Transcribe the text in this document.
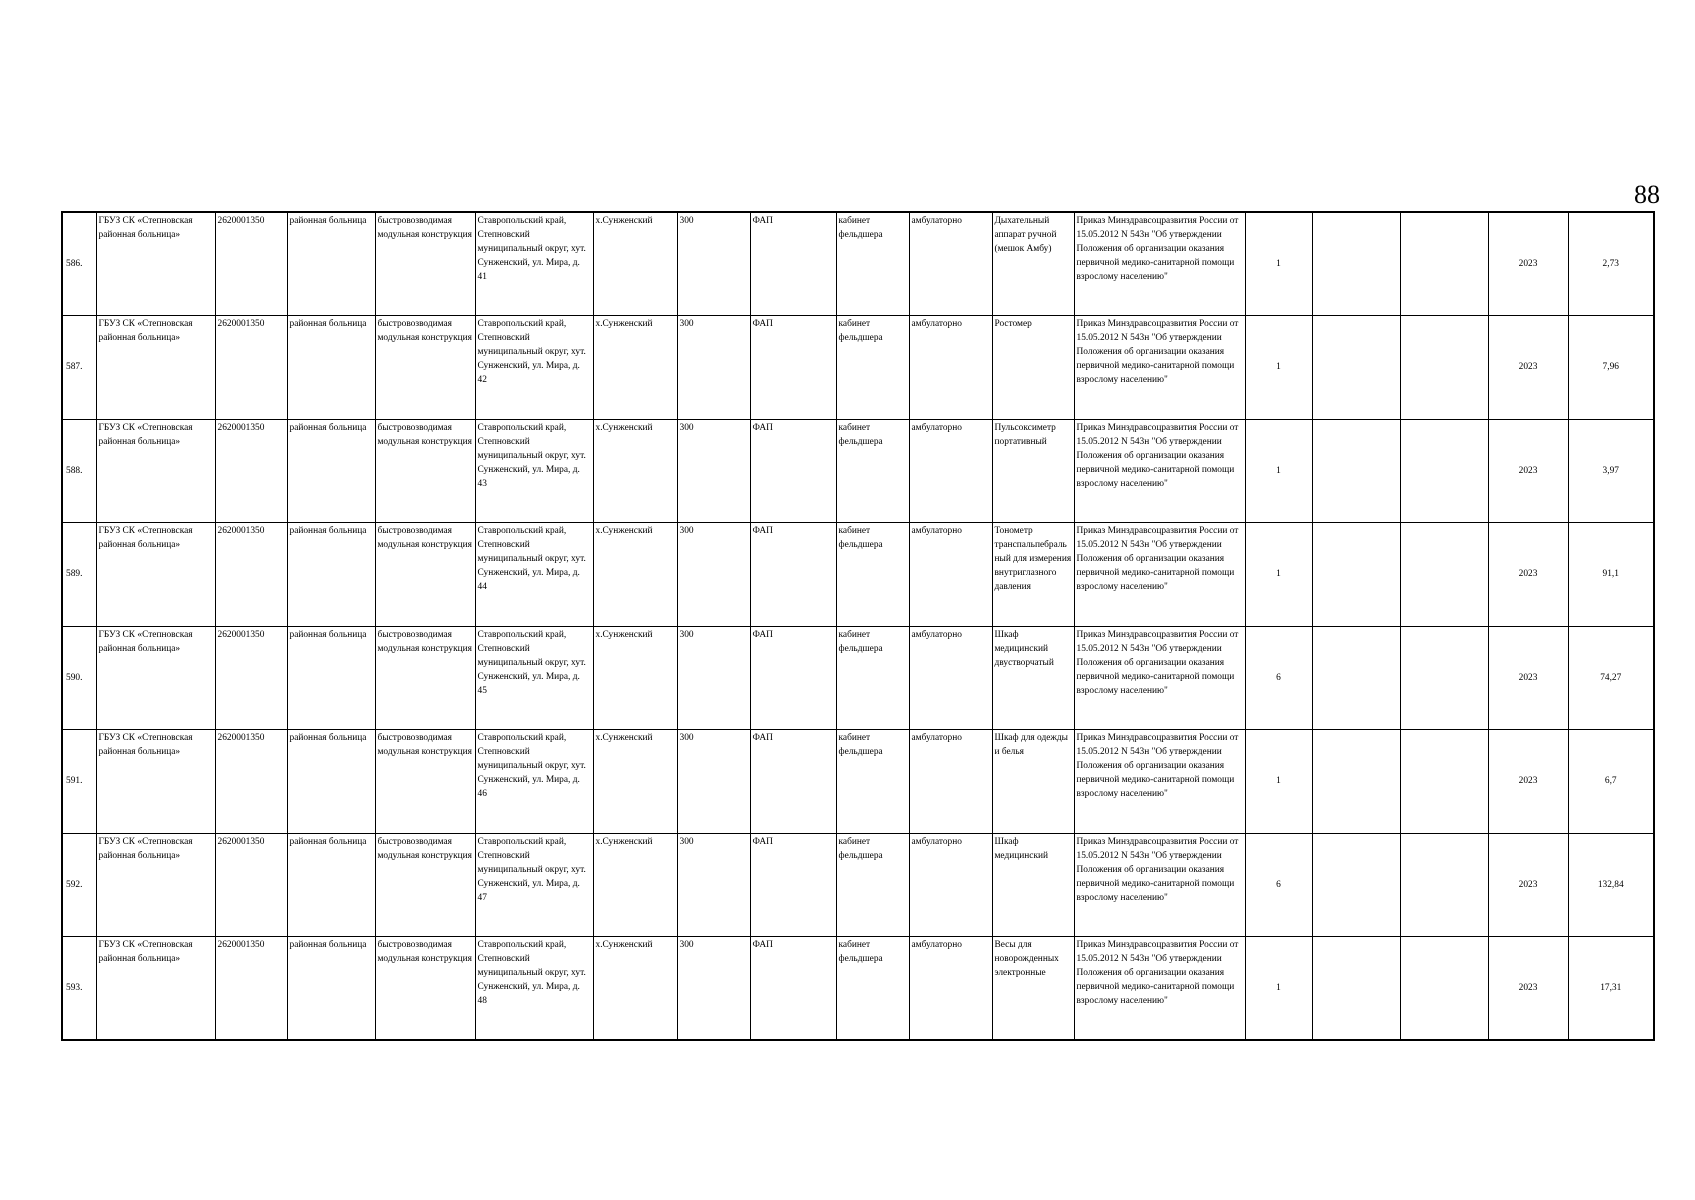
88
586.	ГБУЗ СК «Степновская районная больница»	2620001350	районная больница	быстровозводимая модульная конструкция	Ставропольский край, Степновский муниципальный округ, хут. Сунженский, ул. Мира, д. 41	х.Сунженский	300	ФАП	кабинет фельдшера	амбулаторно	Дыхательный аппарат ручной (мешок Амбу)	Приказ Минздравсоцразвития России от 15.05.2012 N 543н "Об утверждении Положения об организации оказания первичной медико-санитарной помощи взрослому населению"	1			2023	2,73
587.	ГБУЗ СК «Степновская районная больница»	2620001350	районная больница	быстровозводимая модульная конструкция	Ставропольский край, Степновский муниципальный округ, хут. Сунженский, ул. Мира, д. 42	х.Сунженский	300	ФАП	кабинет фельдшера	амбулаторно	Ростомер	Приказ Минздравсоцразвития России от 15.05.2012 N 543н "Об утверждении Положения об организации оказания первичной медико-санитарной помощи взрослому населению"	1			2023	7,96
588.	ГБУЗ СК «Степновская районная больница»	2620001350	районная больница	быстровозводимая модульная конструкция	Ставропольский край, Степновский муниципальный округ, хут. Сунженский, ул. Мира, д. 43	х.Сунженский	300	ФАП	кабинет фельдшера	амбулаторно	Пульсоксиметр портативный	Приказ Минздравсоцразвития России от 15.05.2012 N 543н "Об утверждении Положения об организации оказания первичной медико-санитарной помощи взрослому населению"	1			2023	3,97
589.	ГБУЗ СК «Степновская районная больница»	2620001350	районная больница	быстровозводимая модульная конструкция	Ставропольский край, Степновский муниципальный округ, хут. Сунженский, ул. Мира, д. 44	х.Сунженский	300	ФАП	кабинет фельдшера	амбулаторно	Тонометр транспальпебральный для измерения внутриглазного давления	Приказ Минздравсоцразвития России от 15.05.2012 N 543н "Об утверждении Положения об организации оказания первичной медико-санитарной помощи взрослому населению"	1			2023	91,1
590.	ГБУЗ СК «Степновская районная больница»	2620001350	районная больница	быстровозводимая модульная конструкция	Ставропольский край, Степновский муниципальный округ, хут. Сунженский, ул. Мира, д. 45	х.Сунженский	300	ФАП	кабинет фельдшера	амбулаторно	Шкаф медицинский двустворчатый	Приказ Минздравсоцразвития России от 15.05.2012 N 543н "Об утверждении Положения об организации оказания первичной медико-санитарной помощи взрослому населению"	6			2023	74,27
591.	ГБУЗ СК «Степновская районная больница»	2620001350	районная больница	быстровозводимая модульная конструкция	Ставропольский край, Степновский муниципальный округ, хут. Сунженский, ул. Мира, д. 46	х.Сунженский	300	ФАП	кабинет фельдшера	амбулаторно	Шкаф для одежды и белья	Приказ Минздравсоцразвития России от 15.05.2012 N 543н "Об утверждении Положения об организации оказания первичной медико-санитарной помощи взрослому населению"	1			2023	6,7
592.	ГБУЗ СК «Степновская районная больница»	2620001350	районная больница	быстровозводимая модульная конструкция	Ставропольский край, Степновский муниципальный округ, хут. Сунженский, ул. Мира, д. 47	х.Сунженский	300	ФАП	кабинет фельдшера	амбулаторно	Шкаф медицинский	Приказ Минздравсоцразвития России от 15.05.2012 N 543н "Об утверждении Положения об организации оказания первичной медико-санитарной помощи взрослому населению"	6			2023	132,84
593.	ГБУЗ СК «Степновская районная больница»	2620001350	районная больница	быстровозводимая модульная конструкция	Ставропольский край, Степновский муниципальный округ, хут. Сунженский, ул. Мира, д. 48	х.Сунженский	300	ФАП	кабинет фельдшера	амбулаторно	Весы для новорожденных электронные	Приказ Минздравсоцразвития России от 15.05.2012 N 543н "Об утверждении Положения об организации оказания первичной медико-санитарной помощи взрослому населению"	1			2023	17,31
